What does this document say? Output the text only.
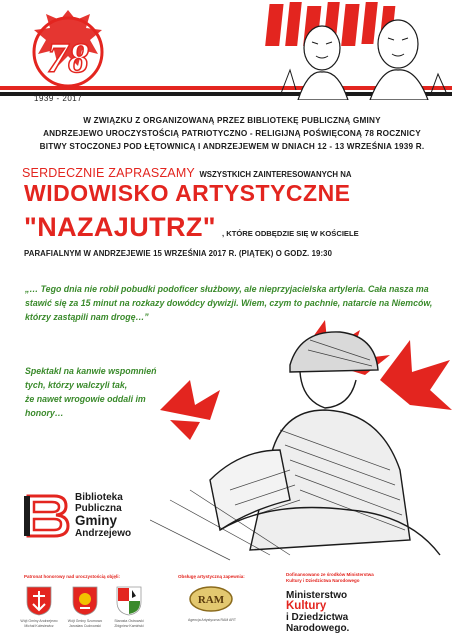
78
1939 - 2017
W ZWIĄZKU Z ORGANIZOWANĄ PRZEZ BIBLIOTEKĘ PUBLICZNĄ GMINY
ANDRZEJEWO UROCZYSTOŚCIĄ PATRIOTYCZNO - RELIGIJNĄ POŚWIĘCONĄ 78 ROCZNICY
BITWY STOCZONEJ POD ŁĘTOWNICĄ I ANDRZEJEWEM W DNIACH 12 - 13 WRZEŚNIA 1939 R.
SERDECZNIE ZAPRASZAMY WSZYSTKICH ZAINTERESOWANYCH NA
WIDOWISKO ARTYSTYCZNE
"NAZAJUTRZ" , KTÓRE ODBĘDZIE SIĘ W KOŚCIELE
PARAFIALNYM W ANDRZEJEWIE 15 WRZEŚNIA 2017 R. (PIĄTEK) O GODZ. 19:30
„… Tego dnia nie robił pobudki podoficer służbowy, ale nieprzyjacielska artyleria. Cała nasza ma
stawić się za 15 minut na rozkazy dowódcy dywizji. Wiem, czym to pachnie, natarcie na Niemców,
którzy zastąpili nam drogę…”
Spektakl na kanwie wspomnień
tych, którzy walczyli tak,
że nawet wrogowie oddali im
honory…
Biblioteka
Publiczna
Gminy
Andrzejewo
Patronat honorowy nad uroczystością objęli:
Wójt Gminy Andrzejewo
Michał Kulesiewicz
Wójt Gminy Szumowo
Jarosław Cudnowski
Starosta Ostrowski
Zbigniew Kamiński
Obsługę artystyczną zapewnia:
RAM
Agencja Artystyczna RAM ART
Dofinansowano ze środków Ministerstwa
Kultury i Dziedzictwa Narodowego
Ministerstwo
Kultury
i Dziedzictwa
Narodowego.
